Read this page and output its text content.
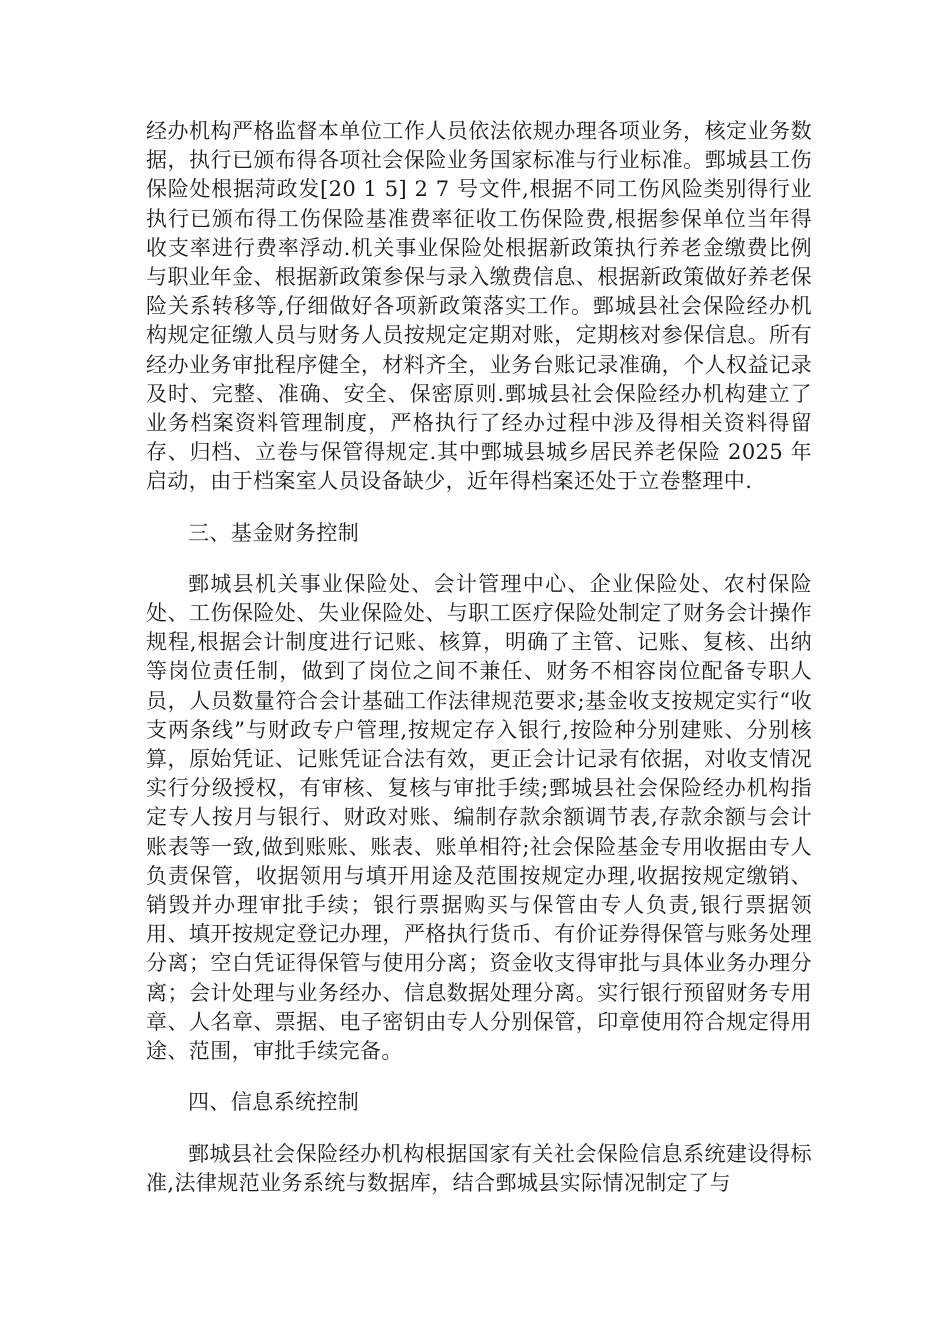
经办机构严格监督本单位工作人员依法依规办理各项业务，核定业务数据，执行已颁布得各项社会保险业务国家标准与行业标准。鄄城县工伤保险处根据菏政发[20 1 5] 2 7 号文件,根据不同工伤风险类别得行业执行已颁布得工伤保险基准费率征收工伤保险费,根据参保单位当年得收支率进行费率浮动.机关事业保险处根据新政策执行养老金缴费比例与职业年金、根据新政策参保与录入缴费信息、根据新政策做好养老保险关系转移等,仔细做好各项新政策落实工作。鄄城县社会保险经办机构规定征缴人员与财务人员按规定定期对账，定期核对参保信息。所有经办业务审批程序健全，材料齐全，业务台账记录准确，个人权益记录及时、完整、准确、安全、保密原则.鄄城县社会保险经办机构建立了业务档案资料管理制度，严格执行了经办过程中涉及得相关资料得留存、归档、立卷与保管得规定.其中鄄城县城乡居民养老保险 2025 年启动，由于档案室人员设备缺少，近年得档案还处于立卷整理中.

三、基金财务控制

鄄城县机关事业保险处、会计管理中心、企业保险处、农村保险处、工伤保险处、失业保险处、与职工医疗保险处制定了财务会计操作规程,根据会计制度进行记账、核算，明确了主管、记账、复核、出纳等岗位责任制，做到了岗位之间不兼任、财务不相容岗位配备专职人员，人员数量符合会计基础工作法律规范要求;基金收支按规定实行“收支两条线”与财政专户管理,按规定存入银行,按险种分别建账、分别核算，原始凭证、记账凭证合法有效，更正会计记录有依据，对收支情况实行分级授权，有审核、复核与审批手续;鄄城县社会保险经办机构指定专人按月与银行、财政对账、编制存款余额调节表,存款余额与会计账表等一致,做到账账、账表、账单相符;社会保险基金专用收据由专人负责保管，收据领用与填开用途及范围按规定办理,收据按规定缴销、销毁并办理审批手续；银行票据购买与保管由专人负责,银行票据领用、填开按规定登记办理，严格执行货币、有价证券得保管与账务处理分离；空白凭证得保管与使用分离；资金收支得审批与具体业务办理分离；会计处理与业务经办、信息数据处理分离。实行银行预留财务专用章、人名章、票据、电子密钥由专人分别保管，印章使用符合规定得用途、范围，审批手续完备。

四、信息系统控制

鄄城县社会保险经办机构根据国家有关社会保险信息系统建设得标准,法律规范业务系统与数据库，结合鄄城县实际情况制定了与
